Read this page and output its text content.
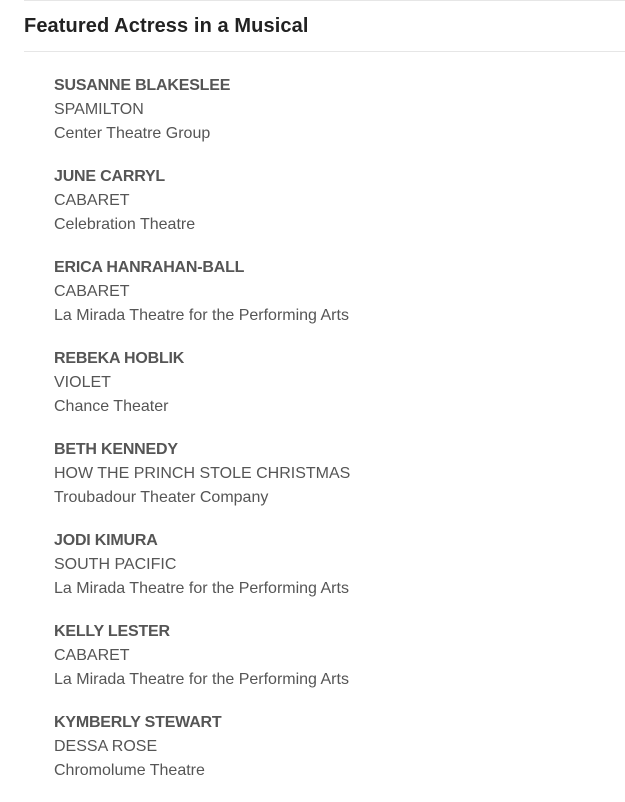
Featured Actress in a Musical
SUSANNE BLAKESLEE
SPAMILTON
Center Theatre Group
JUNE CARRYL
CABARET
Celebration Theatre
ERICA HANRAHAN-BALL
CABARET
La Mirada Theatre for the Performing Arts
REBEKA HOBLIK
VIOLET
Chance Theater
BETH KENNEDY
HOW THE PRINCH STOLE CHRISTMAS
Troubadour Theater Company
JODI KIMURA
SOUTH PACIFIC
La Mirada Theatre for the Performing Arts
KELLY LESTER
CABARET
La Mirada Theatre for the Performing Arts
KYMBERLY STEWART
DESSA ROSE
Chromolume Theatre
